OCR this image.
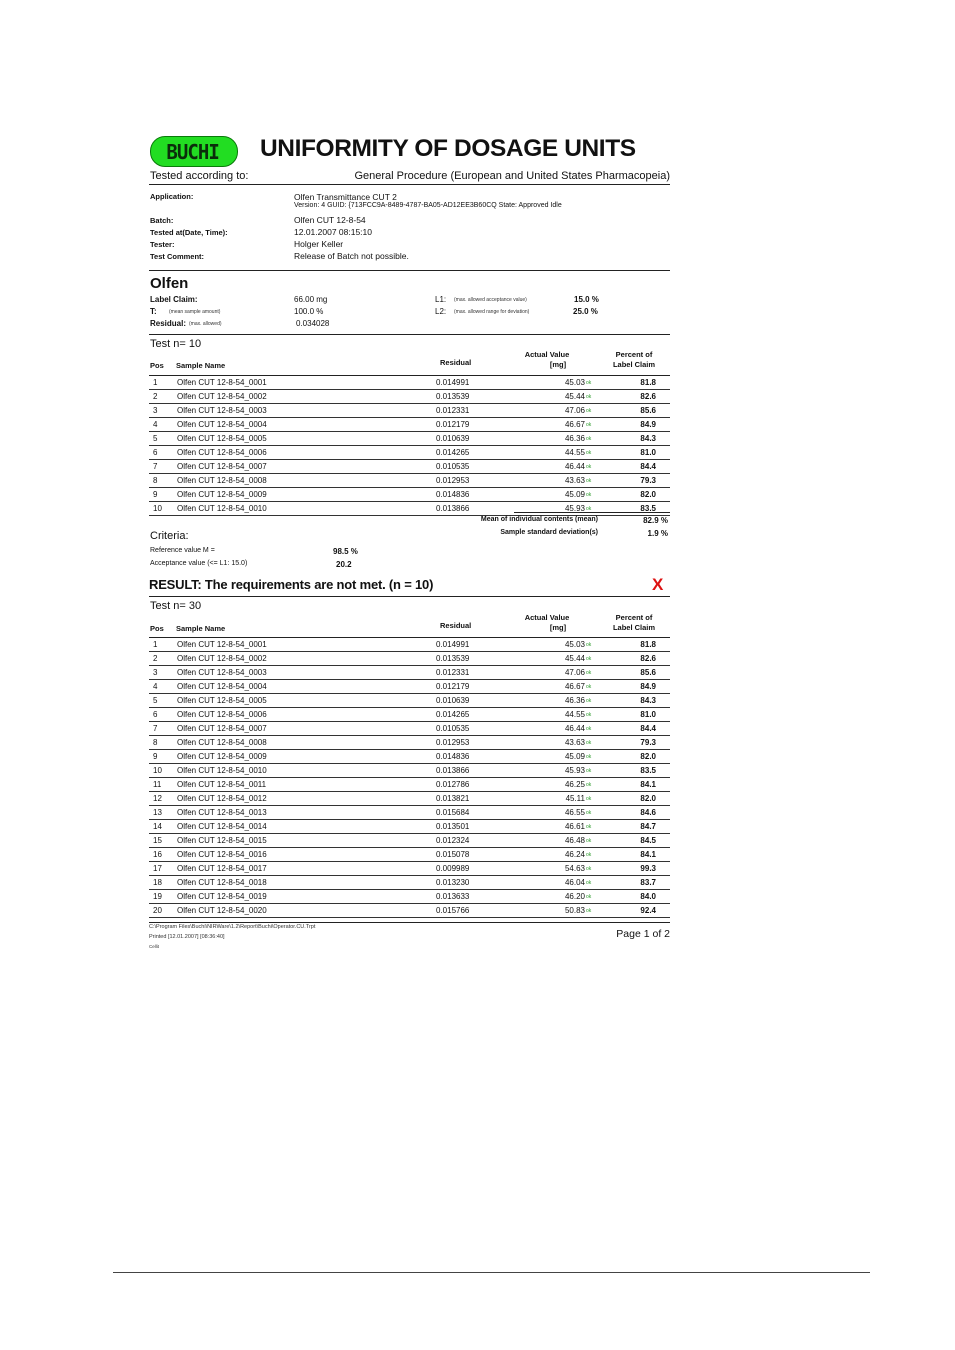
BUCHI UNIFORMITY OF DOSAGE UNITS
Tested according to:	General Procedure (European and United States Pharmacopeia)
Application:	Olfen Transmittance CUT 2
Version: 4 GUID: {713FCC9A-8489-4787-BA05-AD12EE3B60CQ State: Approved Idle
Batch:	Olfen CUT 12-8-54
Tested at(Date, Time):	12.01.2007 08:15:10
Tester:	Holger Keller
Test Comment:	Release of Batch not possible.
Olfen
Label Claim:	66.00 mg
T: (mean sample amount)	100.0 %
Residual: (max. allowed)	0.034028
L1: (max. allowed acceptance value)	15.0 %
L2: (max. allowed range for deviation)	25.0 %
Test n= 10
Pos Sample Name	Residual
Actual Value
[mg]
Percent of
Label Claim
1 Olfen CUT 12-8-54_0001	0.014991	45.03	81.8
ok
2 Olfen CUT 12-8-54_0002	0.013539	45.44	82.6
ok
3 Olfen CUT 12-8-54_0003	0.012331	47.06	85.6
ok
4 Olfen CUT 12-8-54_0004	0.012179	46.67	84.9
ok
5 Olfen CUT 12-8-54_0005	0.010639	46.36	84.3
ok
6 Olfen CUT 12-8-54_0006	0.014265	44.55	81.0
ok
7 Olfen CUT 12-8-54_0007	0.010535	46.44	84.4
ok
8 Olfen CUT 12-8-54_0008	0.012953	43.63	79.3
ok
9 Olfen CUT 12-8-54_0009	0.014836	45.09	82.0
ok
10 Olfen CUT 12-8-54_0010	0.013866	45.93	83.5
ok
Mean of individual contents (mean)	82.9 %
Sample standard deviation(s)	1.9 %
Criteria:
Reference value M =	98.5 %
Acceptance value (<= L1: 15.0)	20.2
RESULT: The requirements are not met. (n = 10)	X
Test n= 30
Pos Sample Name	Residual
Actual Value
[mg]
Percent of
Label Claim
1 Olfen CUT 12-8-54_0001	0.014991	45.03	81.8
ok
2 Olfen CUT 12-8-54_0002	0.013539	45.44	82.6
ok
3 Olfen CUT 12-8-54_0003	0.012331	47.06	85.6
ok
4 Olfen CUT 12-8-54_0004	0.012179	46.67	84.9
ok
5 Olfen CUT 12-8-54_0005	0.010639	46.36	84.3
ok
6 Olfen CUT 12-8-54_0006	0.014265	44.55	81.0
ok
7 Olfen CUT 12-8-54_0007	0.010535	46.44	84.4
ok
8 Olfen CUT 12-8-54_0008	0.012953	43.63	79.3
ok
9 Olfen CUT 12-8-54_0009	0.014836	45.09	82.0
ok
10 Olfen CUT 12-8-54_0010	0.013866	45.93	83.5
ok
11 Olfen CUT 12-8-54_0011	0.012786	46.25	84.1
ok
12 Olfen CUT 12-8-54_0012	0.013821	45.11	82.0
ok
13 Olfen CUT 12-8-54_0013	0.015684	46.55	84.6
ok
14 Olfen CUT 12-8-54_0014	0.013501	46.61	84.7
ok
15 Olfen CUT 12-8-54_0015	0.012324	46.48	84.5
ok
16 Olfen CUT 12-8-54_0016	0.015078	46.24	84.1
ok
17 Olfen CUT 12-8-54_0017	0.009989	54.63	99.3
ok
18 Olfen CUT 12-8-54_0018	0.013230	46.04	83.7
ok
19 Olfen CUT 12-8-54_0019	0.013633	46.20	84.0
ok
20 Olfen CUT 12-8-54_0020	0.015766	50.83	92.4
ok
C:\Program Files\Buchi\NIRWare\1.2\Report\Buchi\Operator.CU.Trpt
Printed [12.01.2007] [08:36:40]
Cellit
Page 1 of 2
